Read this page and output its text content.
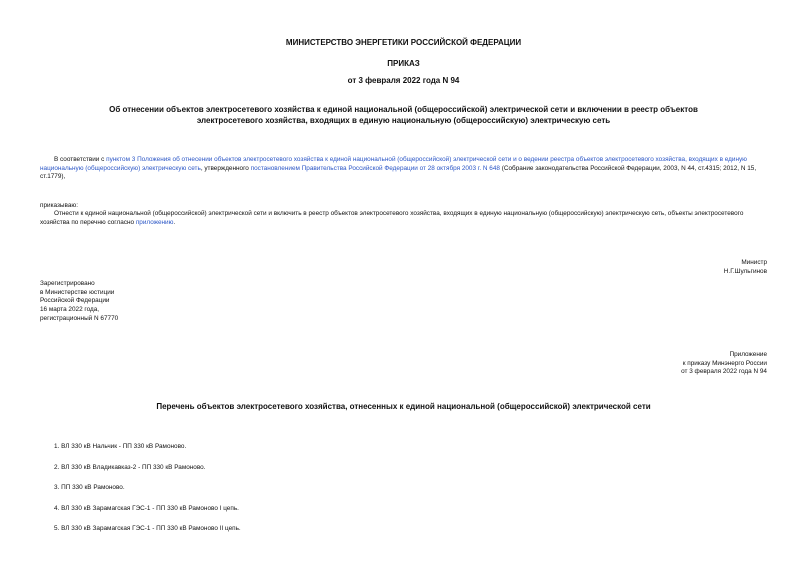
МИНИСТЕРСТВО ЭНЕРГЕТИКИ РОССИЙСКОЙ ФЕДЕРАЦИИ
ПРИКАЗ
от 3 февраля 2022 года N 94
Об отнесении объектов электросетевого хозяйства к единой национальной (общероссийской) электрической сети и включении в реестр объектов
электросетевого хозяйства, входящих в единую национальную (общероссийскую) электрическую сеть
В соответствии с пунктом 3 Положения об отнесении объектов электросетевого хозяйства к единой национальной (общероссийской) электрической сети и о ведении реестра объектов электросетевого хозяйства, входящих в единую национальную (общероссийскую) электрическую сеть, утвержденного постановлением Правительства Российской Федерации от 28 октября 2003 г. N 648 (Собрание законодательства Российской Федерации, 2003, N 44, ст.4315; 2012, N 15, ст.1779),
приказываю:
Отнести к единой национальной (общероссийской) электрической сети и включить в реестр объектов электросетевого хозяйства, входящих в единую национальную (общероссийскую) электрическую сеть, объекты электросетевого хозяйства по перечню согласно приложению.
Министр
Н.Г.Шульгинов
Зарегистрировано
в Министерстве юстиции
Российской Федерации
16 марта 2022 года,
регистрационный N 67770
Приложение
к приказу Минэнерго России
от 3 февраля 2022 года N 94
Перечень объектов электросетевого хозяйства, отнесенных к единой национальной (общероссийской) электрической сети
1. ВЛ 330 кВ Нальчик - ПП 330 кВ Рамоново.
2. ВЛ 330 кВ Владикавказ-2 - ПП 330 кВ Рамоново.
3. ПП 330 кВ Рамоново.
4. ВЛ 330 кВ Зарамагская ГЭС-1 - ПП 330 кВ Рамоново I цепь.
5. ВЛ 330 кВ Зарамагская ГЭС-1 - ПП 330 кВ Рамоново II цепь.
